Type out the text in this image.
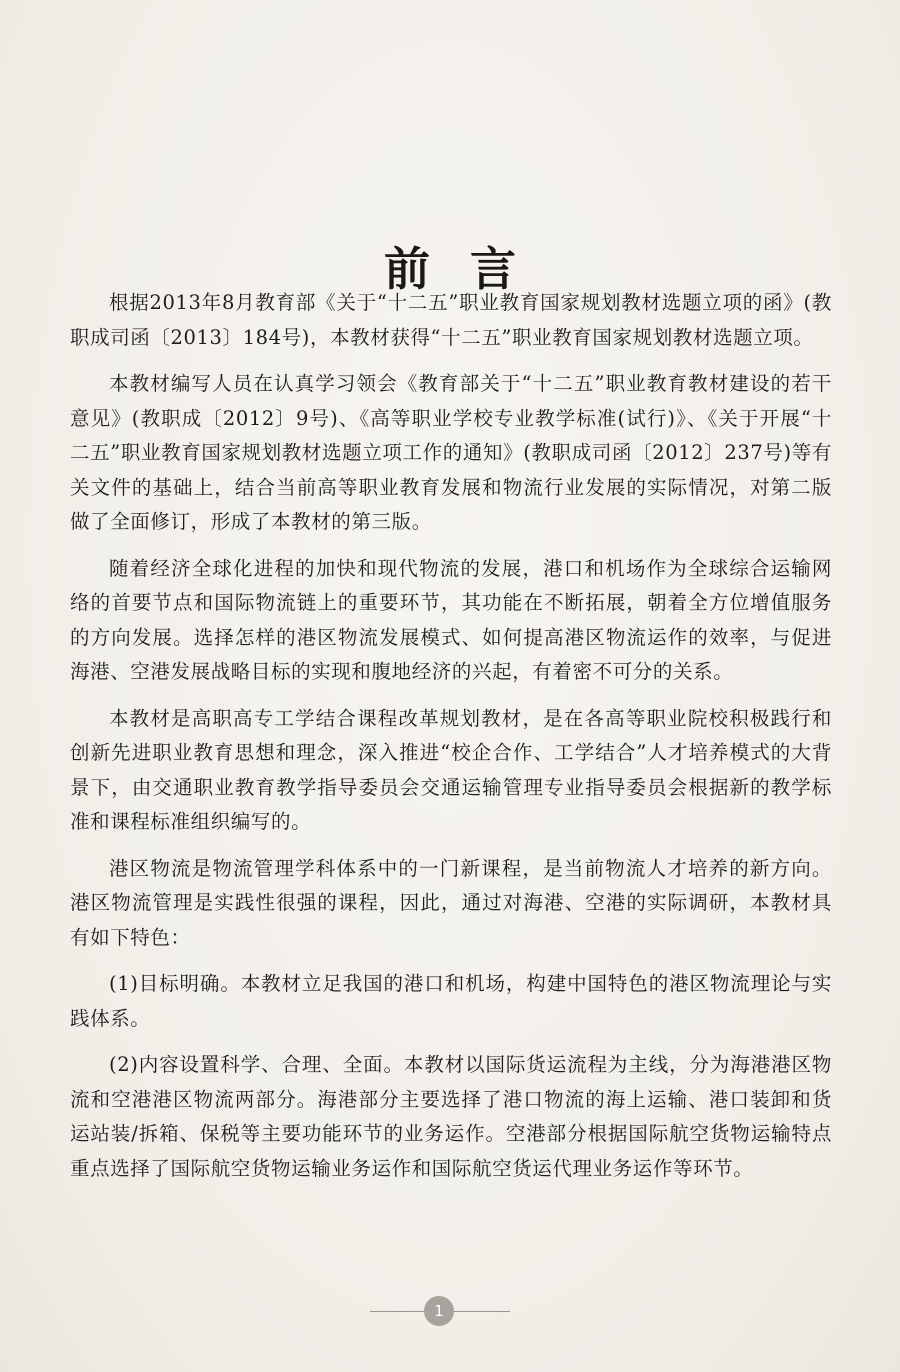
前言

根据2013年8月教育部《关于“十二五”职业教育国家规划教材选题立项的函》(教职成司函〔2013〕184号)，本教材获得“十二五”职业教育国家规划教材选题立项。

本教材编写人员在认真学习领会《教育部关于“十二五”职业教育教材建设的若干意见》(教职成〔2012〕9号)、《高等职业学校专业教学标准(试行)》、《关于开展“十二五”职业教育国家规划教材选题立项工作的通知》(教职成司函〔2012〕237号)等有关文件的基础上，结合当前高等职业教育发展和物流行业发展的实际情况，对第二版做了全面修订，形成了本教材的第三版。

随着经济全球化进程的加快和现代物流的发展，港口和机场作为全球综合运输网络的首要节点和国际物流链上的重要环节，其功能在不断拓展，朝着全方位增值服务的方向发展。选择怎样的港区物流发展模式、如何提高港区物流运作的效率，与促进海港、空港发展战略目标的实现和腹地经济的兴起，有着密不可分的关系。

本教材是高职高专工学结合课程改革规划教材，是在各高等职业院校积极践行和创新先进职业教育思想和理念，深入推进“校企合作、工学结合”人才培养模式的大背景下，由交通职业教育教学指导委员会交通运输管理专业指导委员会根据新的教学标准和课程标准组织编写的。

港区物流是物流管理学科体系中的一门新课程，是当前物流人才培养的新方向。港区物流管理是实践性很强的课程，因此，通过对海港、空港的实际调研，本教材具有如下特色：

(1)目标明确。本教材立足我国的港口和机场，构建中国特色的港区物流理论与实践体系。

(2)内容设置科学、合理、全面。本教材以国际货运流程为主线，分为海港港区物流和空港港区物流两部分。海港部分主要选择了港口物流的海上运输、港口装卸和货运站装/拆箱、保税等主要功能环节的业务运作。空港部分根据国际航空货物运输特点重点选择了国际航空货物运输业务运作和国际航空货运代理业务运作等环节。

1
